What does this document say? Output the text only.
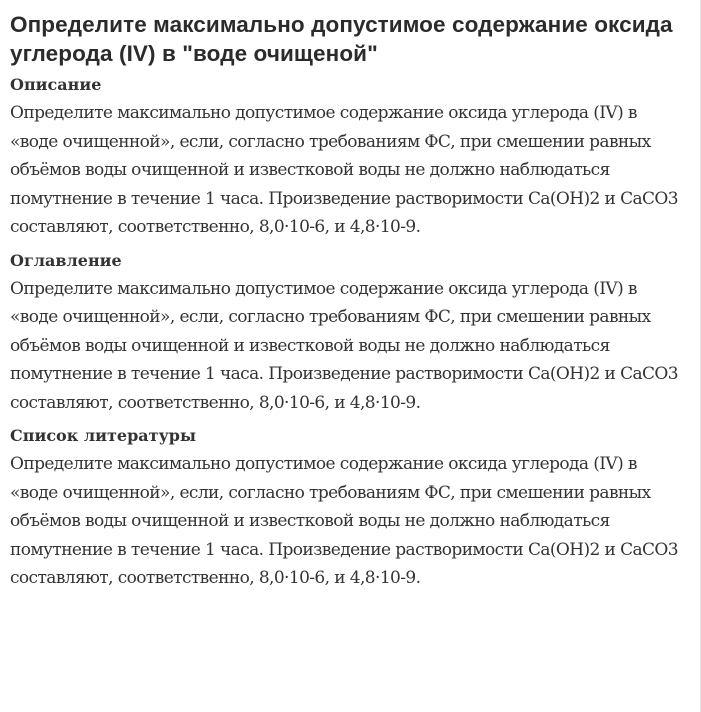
Определите максимально допустимое содержание оксида углерода (IV) в "воде очищеной"
Описание

Определите максимально допустимое содержание оксида углерода (IV) в «воде очищенной», если, согласно требованиям ФС, при смешении равных объёмов воды очищенной и известковой воды не должно наблюдаться помутнение в течение 1 часа. Произведение растворимости Ca(OH)2 и CaCO3 составляют, соответственно, 8,0·10-6, и 4,8·10-9.

Оглавление

Определите максимально допустимое содержание оксида углерода (IV) в «воде очищенной», если, согласно требованиям ФС, при смешении равных объёмов воды очищенной и известковой воды не должно наблюдаться помутнение в течение 1 часа. Произведение растворимости Ca(OH)2 и CaCO3 составляют, соответственно, 8,0·10-6, и 4,8·10-9.

Список литературы

Определите максимально допустимое содержание оксида углерода (IV) в «воде очищенной», если, согласно требованиям ФС, при смешении равных объёмов воды очищенной и известковой воды не должно наблюдаться помутнение в течение 1 часа. Произведение растворимости Ca(OH)2 и CaCO3 составляют, соответственно, 8,0·10-6, и 4,8·10-9.
